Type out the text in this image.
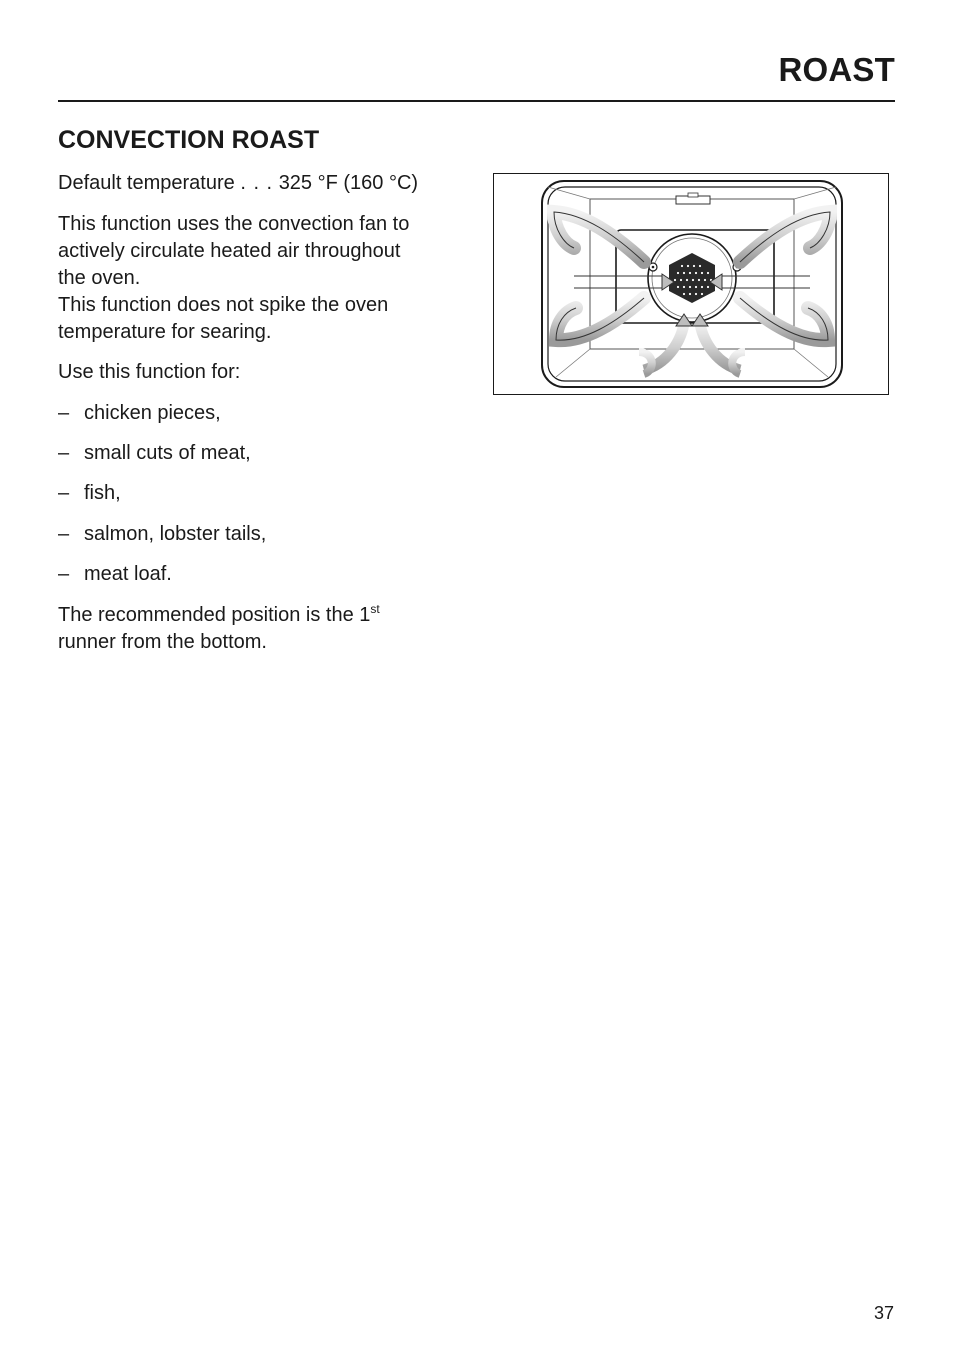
ROAST
CONVECTION ROAST

Default temperature . . . 325 °F (160 °C)

This function uses the convection fan to
actively circulate heated air throughout
the oven.
This function does not spike the oven
temperature for searing.

Use this function for:

– chicken pieces,

– small cuts of meat,

– fish,

– salmon, lobster tails,

– meat loaf.

The recommended position is the 1st
runner from the bottom.

37
